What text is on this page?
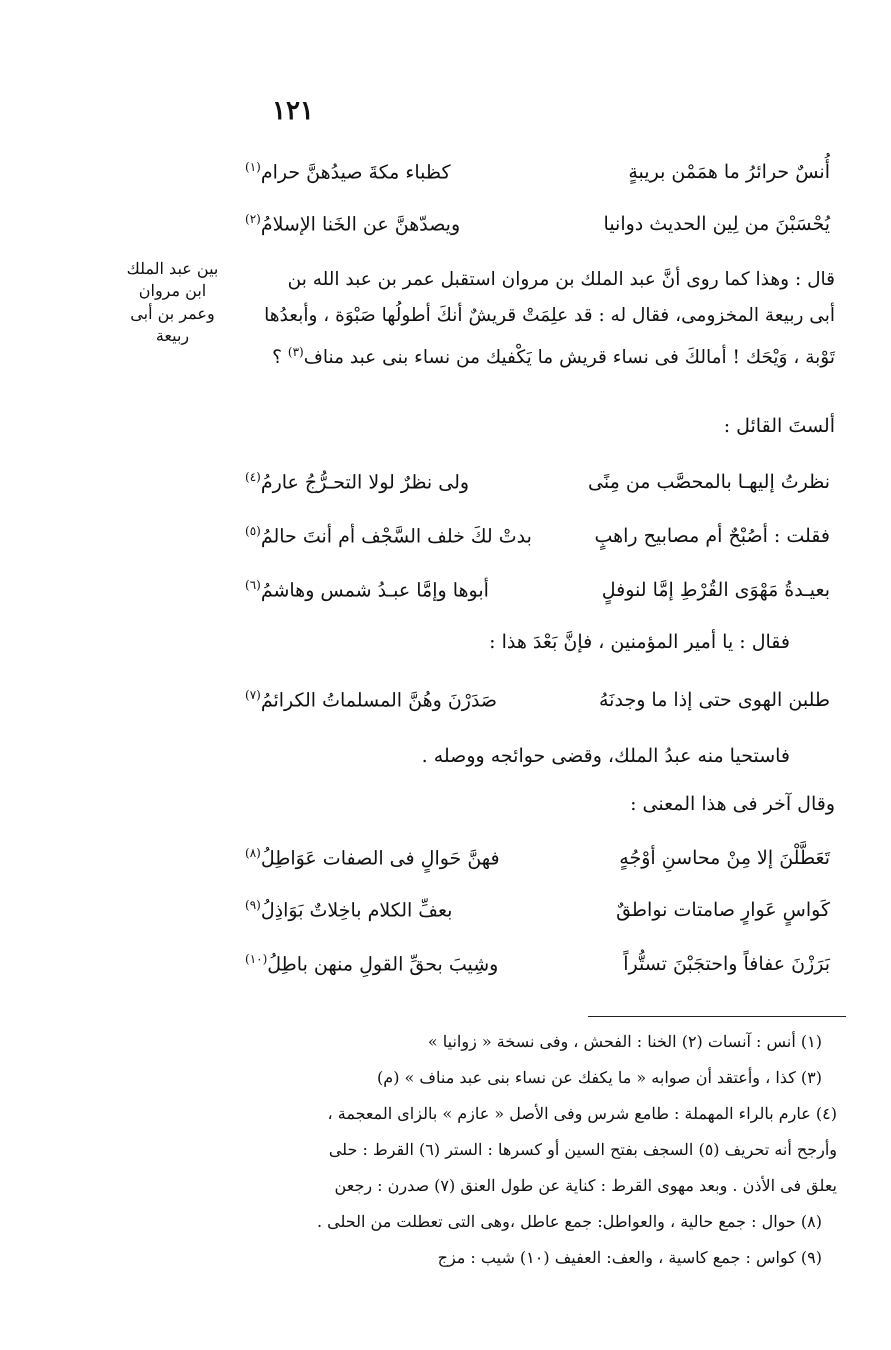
١٢١
أُنسٌ حرائرُ ما همَمْن بريبةٍ
كظباء مكةَ صيدُهنَّ حرام$^{(١)}$
يُحْسَبْنَ من لِين الحديث دوانيا
ويصدّهنَّ عن الخَنا الإسلامُ$^{(٢)}$
قال : وهذا كما روى أنَّ عبد الملك بن مروان استقبل عمر بن عبد الله بن
أبى ربيعة المخزومى، فقال له : قد علِمَتْ قريشٌ أنكَ أطولُها صَبْوَة ، وأبعدُها
تَوْبة ، وَيْحَك ! أمالكَ فى نساء قريش ما يَكْفيك من نساء بنى عبد مناف$^{(٣)}$ ؟
بين عبد الملك
ابن مروان
وعمر بن أبى
ربيعة
ألستَ القائل :
نظرتُ إليهـا بالمحصَّب من مِنًى
ولى نظرٌ لولا التحـرُّجُ عارمُ$^{(٤)}$
فقلت : أصُبْحٌ أم مصابيح راهبٍ
بدتْ لكَ خلف السَّجْف أم أنتَ حالمُ$^{(٥)}$
بعيـدةُ مَهْوَى القُرْطِ إمَّا لنوفلٍ
أبوها وإمَّا عبـدُ شمس وهاشمُ$^{(٦)}$
فقال : يا أمير المؤمنين ، فإنَّ بَعْدَ هذا :
طلبن الهوى حتى إذا ما وجدنَهُ
صَدَرْنَ وهُنَّ المسلماتُ الكرائمُ$^{(٧)}$
فاستحيا منه عبدُ الملك، وقضى حوائجه ووصله .
وقال آخر فى هذا المعنى :
تَعَطَّلْنَ إلا مِنْ محاسنِ أوْجُهٍ
فهنَّ حَوالٍ فى الصفات عَوَاطِلُ$^{(٨)}$
كَواسٍ عَوارٍ صامتات نواطقٌ
بعفِّ الكلام باخِلاتٌ بَوَاذِلُ$^{(٩)}$
بَرَزْنَ عفافاً واحتجَبْنَ تستُّراً
وشِيبَ بحقِّ القولِ منهن باطِلُ$^{(١٠)}$
(١) أنس : آنسات (٢) الخنا : الفحش ، وفى نسخة « زوانيا »
(٣) كذا ، وأعتقد أن صوابه « ما يكفك عن نساء بنى عبد مناف » (م)
(٤) عارم بالراء المهملة : طامع شرس وفى الأصل « عازم » بالزاى المعجمة ،
وأرجح أنه تحريف (٥) السجف بفتح السين أو كسرها : الستر (٦) القرط : حلى
يعلق فى الأذن . وبعد مهوى القرط : كناية عن طول العنق (٧) صدرن : رجعن
(٨) حوال : جمع حالية ، والعواطل: جمع عاطل ،وهى التى تعطلت من الحلى .
(٩) كواس : جمع كاسية ، والعف: العفيف (١٠) شيب : مزج
